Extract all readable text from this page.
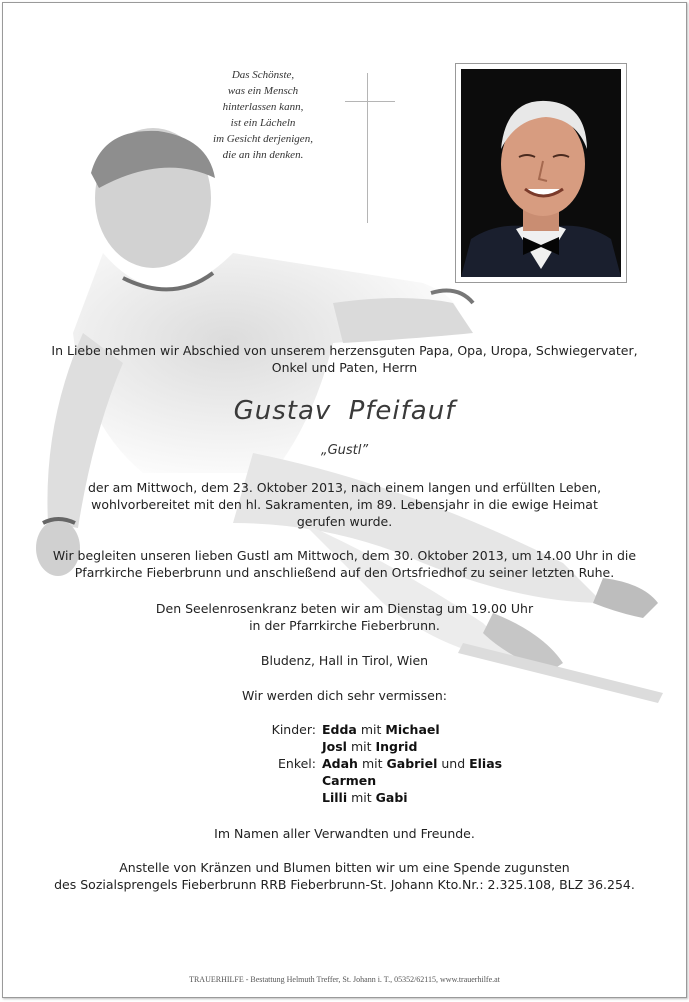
Das Schönste,
was ein Mensch
hinterlassen kann,
ist ein Lächeln
im Gesicht derjenigen,
die an ihn denken.
In Liebe nehmen wir Abschied von unserem herzensguten Papa, Opa, Uropa, Schwiegervater,
Onkel und Paten, Herrn
Gustav Pfeifauf
„Gustl”
der am Mittwoch, dem 23. Oktober 2013, nach einem langen und erfüllten Leben,
wohlvorbereitet mit den hl. Sakramenten, im 89. Lebensjahr in die ewige Heimat
gerufen wurde.
Wir begleiten unseren lieben Gustl am Mittwoch, dem 30. Oktober 2013, um 14.00 Uhr in die
Pfarrkirche Fieberbrunn und anschließend auf den Ortsfriedhof zu seiner letzten Ruhe.
Den Seelenrosenkranz beten wir am Dienstag um 19.00 Uhr
in der Pfarrkirche Fieberbrunn.
Bludenz, Hall in Tirol, Wien
Wir werden dich sehr vermissen:
Kinder: Edda mit Michael
Josl mit Ingrid
Enkel: Adah mit Gabriel und Elias
Carmen
Lilli mit Gabi
Im Namen aller Verwandten und Freunde.
Anstelle von Kränzen und Blumen bitten wir um eine Spende zugunsten
des Sozialsprengels Fieberbrunn RRB Fieberbrunn-St. Johann Kto.Nr.: 2.325.108, BLZ 36.254.
TRAUERHILFE - Bestattung Helmuth Treffer, St. Johann i. T., 05352/62115, www.trauerhilfe.at
